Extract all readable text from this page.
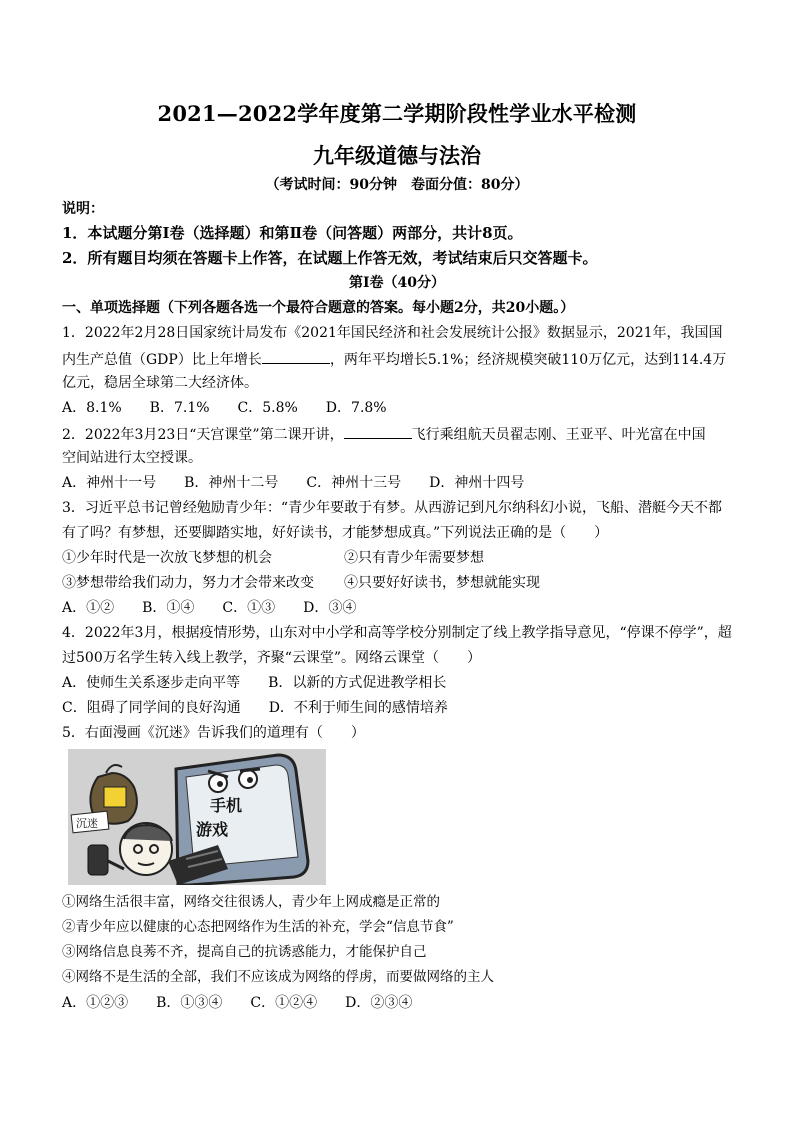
2021—2022学年度第二学期阶段性学业水平检测
九年级道德与法治
（考试时间：90分钟　卷面分值：80分）
说明：
1．本试题分第Ⅰ卷（选择题）和第Ⅱ卷（问答题）两部分，共计8页。
2．所有题目均须在答题卡上作答，在试题上作答无效，考试结束后只交答题卡。
第Ⅰ卷（40分）
一、单项选择题（下列各题各选一个最符合题意的答案。每小题2分，共20小题。）
1．2022年2月28日国家统计局发布《2021年国民经济和社会发展统计公报》数据显示，2021年，我国国
内生产总值（GDP）比上年增长	，两年平均增长5.1%；经济规模突破110万亿元，达到114.4万
亿元，稳居全球第二大经济体。
A．8.1%　　B．7.1%　　C．5.8%　　D．7.8%
2．2022年3月23日“天宫课堂”第二课开讲，	飞行乘组航天员翟志刚、王亚平、叶光富在中国
空间站进行太空授课。
A．神州十一号　　B．神州十二号　　C．神州十三号　　D．神州十四号
3．习近平总书记曾经勉励青少年：“青少年要敢于有梦。从西游记到凡尔纳科幻小说，飞船、潜艇今天不都
有了吗？有梦想，还要脚踏实地，好好读书，才能梦想成真。”下列说法正确的是（　　）
①少年时代是一次放飞梦想的机会	②只有青少年需要梦想
③梦想带给我们动力，努力才会带来改变 ④只要好好读书，梦想就能实现
A．①②　　B．①④　　C．①③　　D．③④
4．2022年3月，根据疫情形势，山东对中小学和高等学校分别制定了线上教学指导意见，“停课不停学”，超
过500万名学生转入线上教学，齐聚“云课堂”。网络云课堂（　　）
A．使师生关系逐步走向平等　　B．以新的方式促进教学相长
C．阻碍了同学间的良好沟通　　D．不利于师生间的感情培养
5．右面漫画《沉迷》告诉我们的道理有（　　）
手机
游戏
沉迷
①网络生活很丰富，网络交往很诱人，青少年上网成瘾是正常的
②青少年应以健康的心态把网络作为生活的补充，学会“信息节食”
③网络信息良莠不齐，提高自己的抗诱惑能力，才能保护自己
④网络不是生活的全部，我们不应该成为网络的俘虏，而要做网络的主人
A．①②③　　B．①③④　　C．①②④　　D．②③④
